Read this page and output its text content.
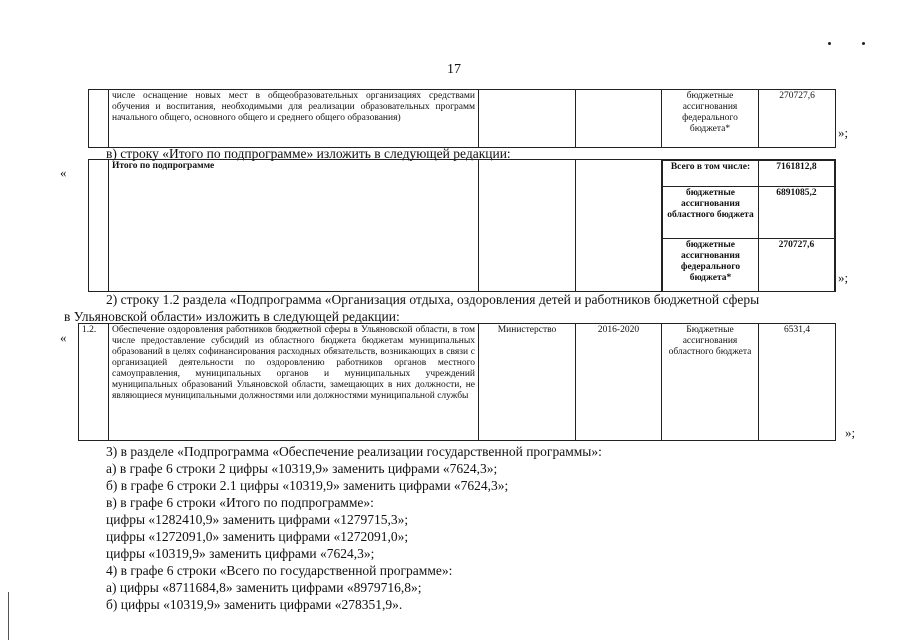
17
	числе оснащение новых мест в общеобразовательных организациях средствами обучения и воспитания, необходимыми для реализации образовательных программ начального общего, основного общего и среднего общего образования)			бюджетные ассигнования федерального бюджета*	270727,6
»;
в) строку «Итого по подпрограмме» изложить в следующей редакции:
«
		Итого по подпрограмме				Всего в том числе:	7161812,8
бюджетные ассигнования областного бюджета	6891085,2
бюджетные ассигнования федерального бюджета*	270727,6
»;
2) строку 1.2 раздела «Подпрограмма «Организация отдыха, оздоровления детей и работников бюджетной сферы
в Ульяновской области» изложить в следующей редакции:
« 1.2.	Обеспечение оздоровления работников бюджетной сферы в Ульяновской области, в том числе предоставление субсидий из областного бюджета бюджетам муниципальных образований в целях софинансирования расходных обязательств, возникающих в связи с организацией деятельности по оздоровлению работников органов местного самоуправления, муниципальных органов и муниципальных учреждений муниципальных образований Ульяновской области, замещающих в них должности, не являющиеся муниципальными должностями или должностями муниципальной службы	Министерство	2016-2020	Бюджетные ассигнования областного бюджета	6531,4
»;
3) в разделе «Подпрограмма «Обеспечение реализации государственной программы»:
а) в графе 6 строки 2 цифры «10319,9» заменить цифрами «7624,3»;
б) в графе 6 строки 2.1 цифры «10319,9» заменить цифрами «7624,3»;
в) в графе 6 строки «Итого по подпрограмме»:
цифры «1282410,9» заменить цифрами «1279715,3»;
цифры «1272091,0» заменить цифрами «1272091,0»;
цифры «10319,9» заменить цифрами «7624,3»;
4) в графе 6 строки «Всего по государственной программе»:
а) цифры «8711684,8» заменить цифрами «8979716,8»;
б) цифры «10319,9» заменить цифрами «278351,9».
